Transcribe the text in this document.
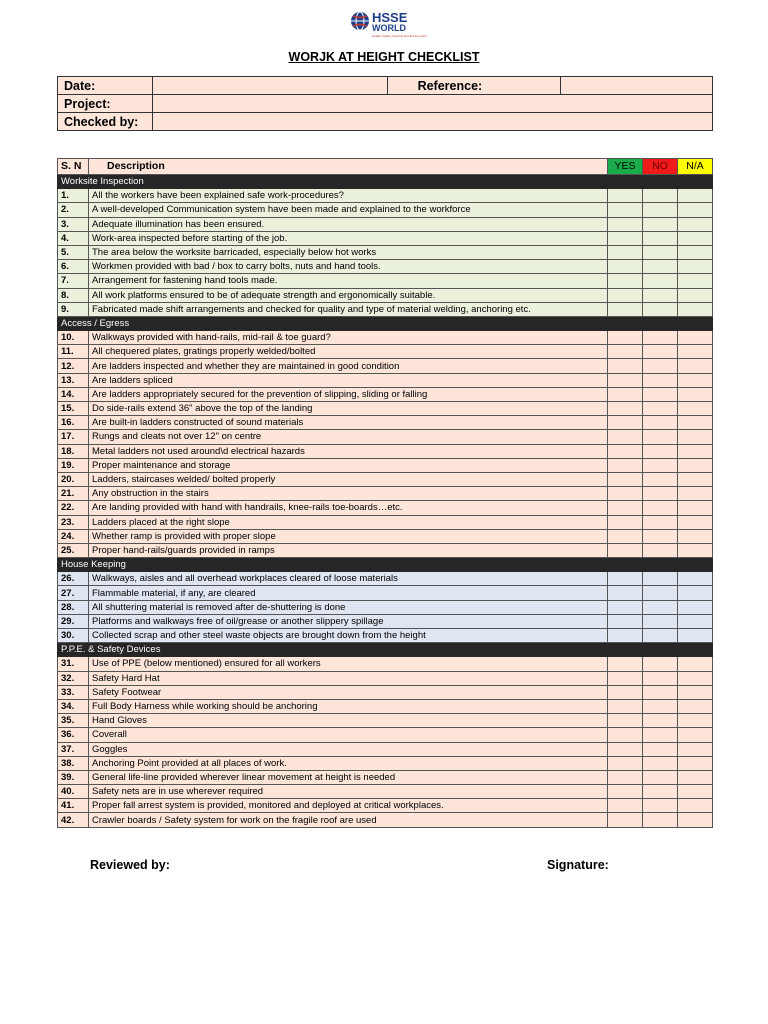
HSSE
WORLD
Health, Safety, Security and Environment
WORJK AT HEIGHT CHECKLIST
Date:		Reference:	
Project:			
Checked by:			
S. N	Description	YES	NO	N/A
Worksite Inspection				
1.	All the workers have been explained safe work-procedures?			
2.	A well-developed Communication system have been made and explained to the workforce			
3.	Adequate illumination has been ensured.			
4.	Work-area inspected before starting of the job.			
5.	The area below the worksite barricaded, especially below hot works			
6.	Workmen provided with bad / box to carry bolts, nuts and hand tools.			
7.	Arrangement for fastening hand tools made.			
8.	All work platforms ensured to be of adequate strength and ergonomically suitable.			
9.	Fabricated made shift arrangements and checked for quality and type of material welding, anchoring etc.			
Access / Egress				
10.	Walkways provided with hand-rails, mid-rail & toe guard?			
11.	All chequered plates, gratings properly welded/bolted			
12.	Are ladders inspected and whether they are maintained in good condition			
13.	Are ladders spliced			
14.	Are ladders appropriately secured for the prevention of slipping, sliding or falling			
15.	Do side-rails extend 36" above the top of the landing			
16.	Are built-in ladders constructed of sound materials			
17.	Rungs and cleats not over 12" on centre			
18.	Metal ladders not used around\d electrical hazards			
19.	Proper maintenance and storage			
20.	Ladders, staircases welded/ bolted properly			
21.	Any obstruction in the stairs			
22.	Are landing provided with hand with handrails, knee-rails toe-boards…etc.			
23.	Ladders placed at the right slope			
24.	Whether ramp is provided with proper slope			
25.	Proper hand-rails/guards provided in ramps			
House Keeping				
26.	Walkways, aisles and all overhead workplaces cleared of loose materials			
27.	Flammable material, if any, are cleared			
28.	All shuttering material is removed after de-shuttering is done			
29.	Platforms and walkways free of oil/grease or another slippery spillage			
30.	Collected scrap and other steel waste objects are brought down from the height			
P.P.E. & Safety Devices				
31.	Use of PPE (below mentioned) ensured for all workers			
32.	Safety Hard Hat			
33.	Safety Footwear			
34.	Full Body Harness while working should be anchoring			
35.	Hand Gloves			
36.	Coverall			
37.	Goggles			
38.	Anchoring Point provided at all places of work.			
39.	General life-line provided wherever linear movement at height is needed			
40.	Safety nets are in use wherever required			
41.	Proper fall arrest system is provided, monitored and deployed at critical workplaces.			
42.	Crawler boards / Safety system for work on the fragile roof are used			
Reviewed by:	Signature:
